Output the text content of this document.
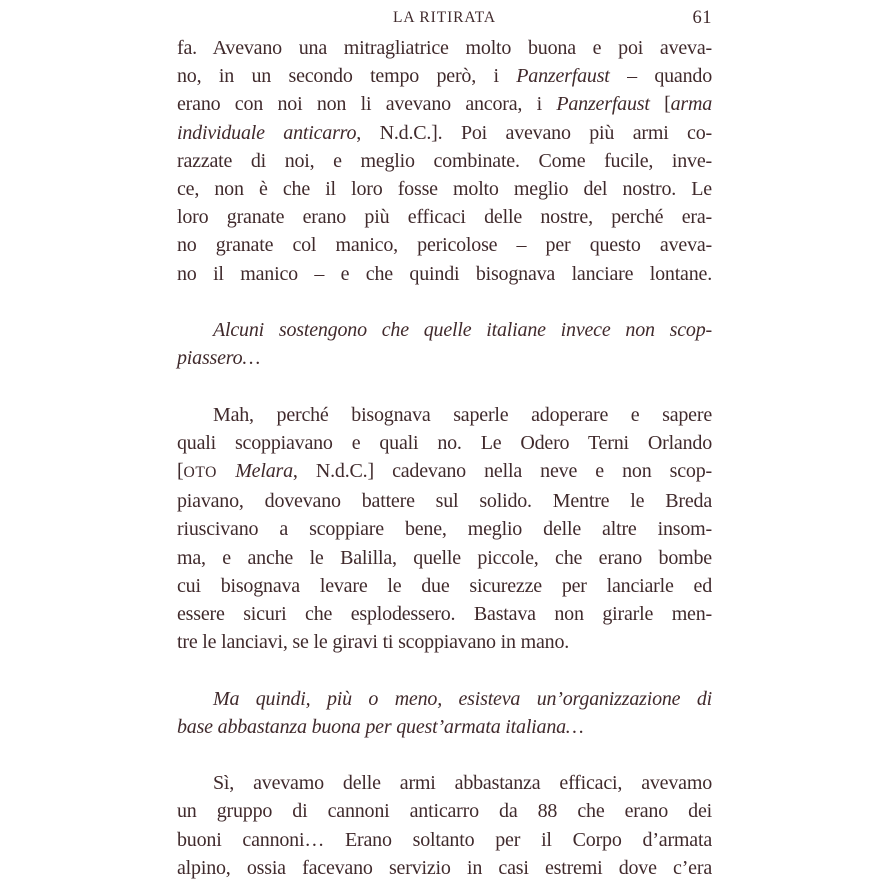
LA RITIRATA	61
fa. Avevano una mitragliatrice molto buona e poi aveva-
no, in un secondo tempo però, i Panzerfaust – quando
erano con noi non li avevano ancora, i Panzerfaust [arma
individuale anticarro, N.d.C.]. Poi avevano più armi co-
razzate di noi, e meglio combinate. Come fucile, inve-
ce, non è che il loro fosse molto meglio del nostro. Le
loro granate erano più efficaci delle nostre, perché era-
no granate col manico, pericolose – per questo aveva-
no il manico – e che quindi bisognava lanciare lontane.
Alcuni sostengono che quelle italiane invece non scop-
piassero…
Mah, perché bisognava saperle adoperare e sapere
quali scoppiavano e quali no. Le Odero Terni Orlando
[OTO Melara, N.d.C.] cadevano nella neve e non scop-
piavano, dovevano battere sul solido. Mentre le Breda
riuscivano a scoppiare bene, meglio delle altre insom-
ma, e anche le Balilla, quelle piccole, che erano bombe
cui bisognava levare le due sicurezze per lanciarle ed
essere sicuri che esplodessero. Bastava non girarle men-
tre le lanciavi, se le giravi ti scoppiavano in mano.
Ma quindi, più o meno, esisteva un’organizzazione di
base abbastanza buona per quest’armata italiana…
Sì, avevamo delle armi abbastanza efficaci, avevamo
un gruppo di cannoni anticarro da 88 che erano dei
buoni cannoni… Erano soltanto per il Corpo d’armata
alpino, ossia facevano servizio in casi estremi dove c’era
